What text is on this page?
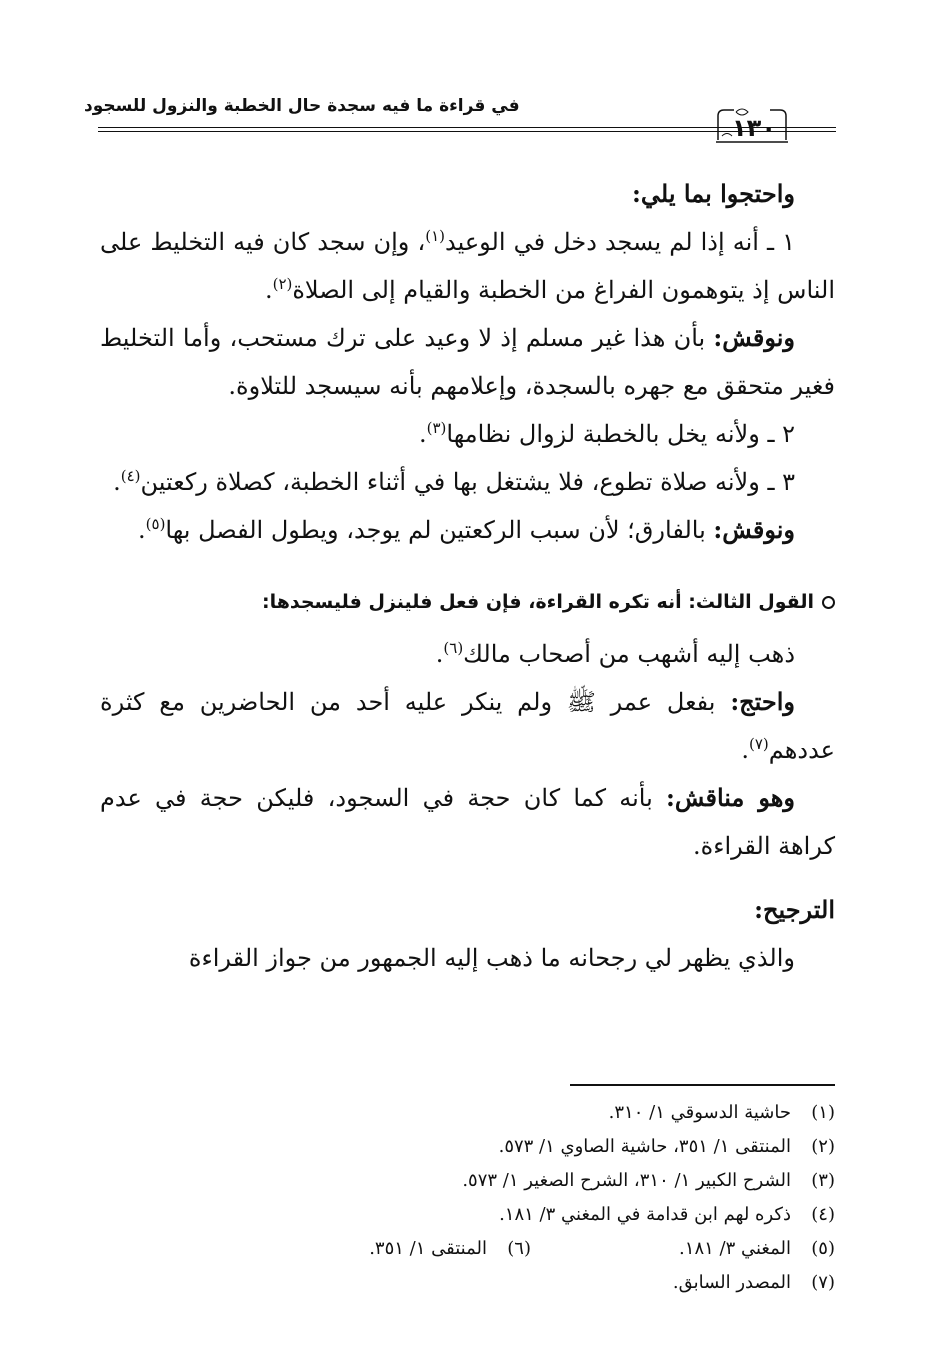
في قراءة ما فيه سجدة حال الخطبة والنزول للسجود
١٣٠

واحتجوا بما يلي:

١ ـ أنه إذا لم يسجد دخل في الوعيد$^{(١)}$، وإن سجد كان فيه التخليط على الناس إذ يتوهمون الفراغ من الخطبة والقيام إلى الصلاة$^{(٢)}$.

ونوقش: بأن هذا غير مسلم إذ لا وعيد على ترك مستحب، وأما التخليط فغير متحقق مع جهره بالسجدة، وإعلامهم بأنه سيسجد للتلاوة.

٢ ـ ولأنه يخل بالخطبة لزوال نظامها$^{(٣)}$.

٣ ـ ولأنه صلاة تطوع، فلا يشتغل بها في أثناء الخطبة، كصلاة ركعتين$^{(٤)}$.

ونوقش: بالفارق؛ لأن سبب الركعتين لم يوجد، ويطول الفصل بها$^{(٥)}$.

القول الثالث: أنه تكره القراءة، فإن فعل فلينزل فليسجدها:

ذهب إليه أشهب من أصحاب مالك$^{(٦)}$.

واحتج: بفعل عمر ﷺ ولم ينكر عليه أحد من الحاضرين مع كثرة عددهم$^{(٧)}$.

وهو مناقش: بأنه كما كان حجة في السجود، فليكن حجة في عدم كراهة القراءة.

الترجيح:

والذي يظهر لي رجحانه ما ذهب إليه الجمهور من جواز القراءة

(١)
حاشية الدسوقي ١/ ٣١٠.
(٢)
المنتقى ١/ ٣٥١، حاشية الصاوي ١/ ٥٧٣.
(٣)
الشرح الكبير ١/ ٣١٠، الشرح الصغير ١/ ٥٧٣.
(٤)
ذكره لهم ابن قدامة في المغني ٣/ ١٨١.
(٥)
المغني ٣/ ١٨١.
(٦)
المنتقى ١/ ٣٥١.
(٧)
المصدر السابق.
